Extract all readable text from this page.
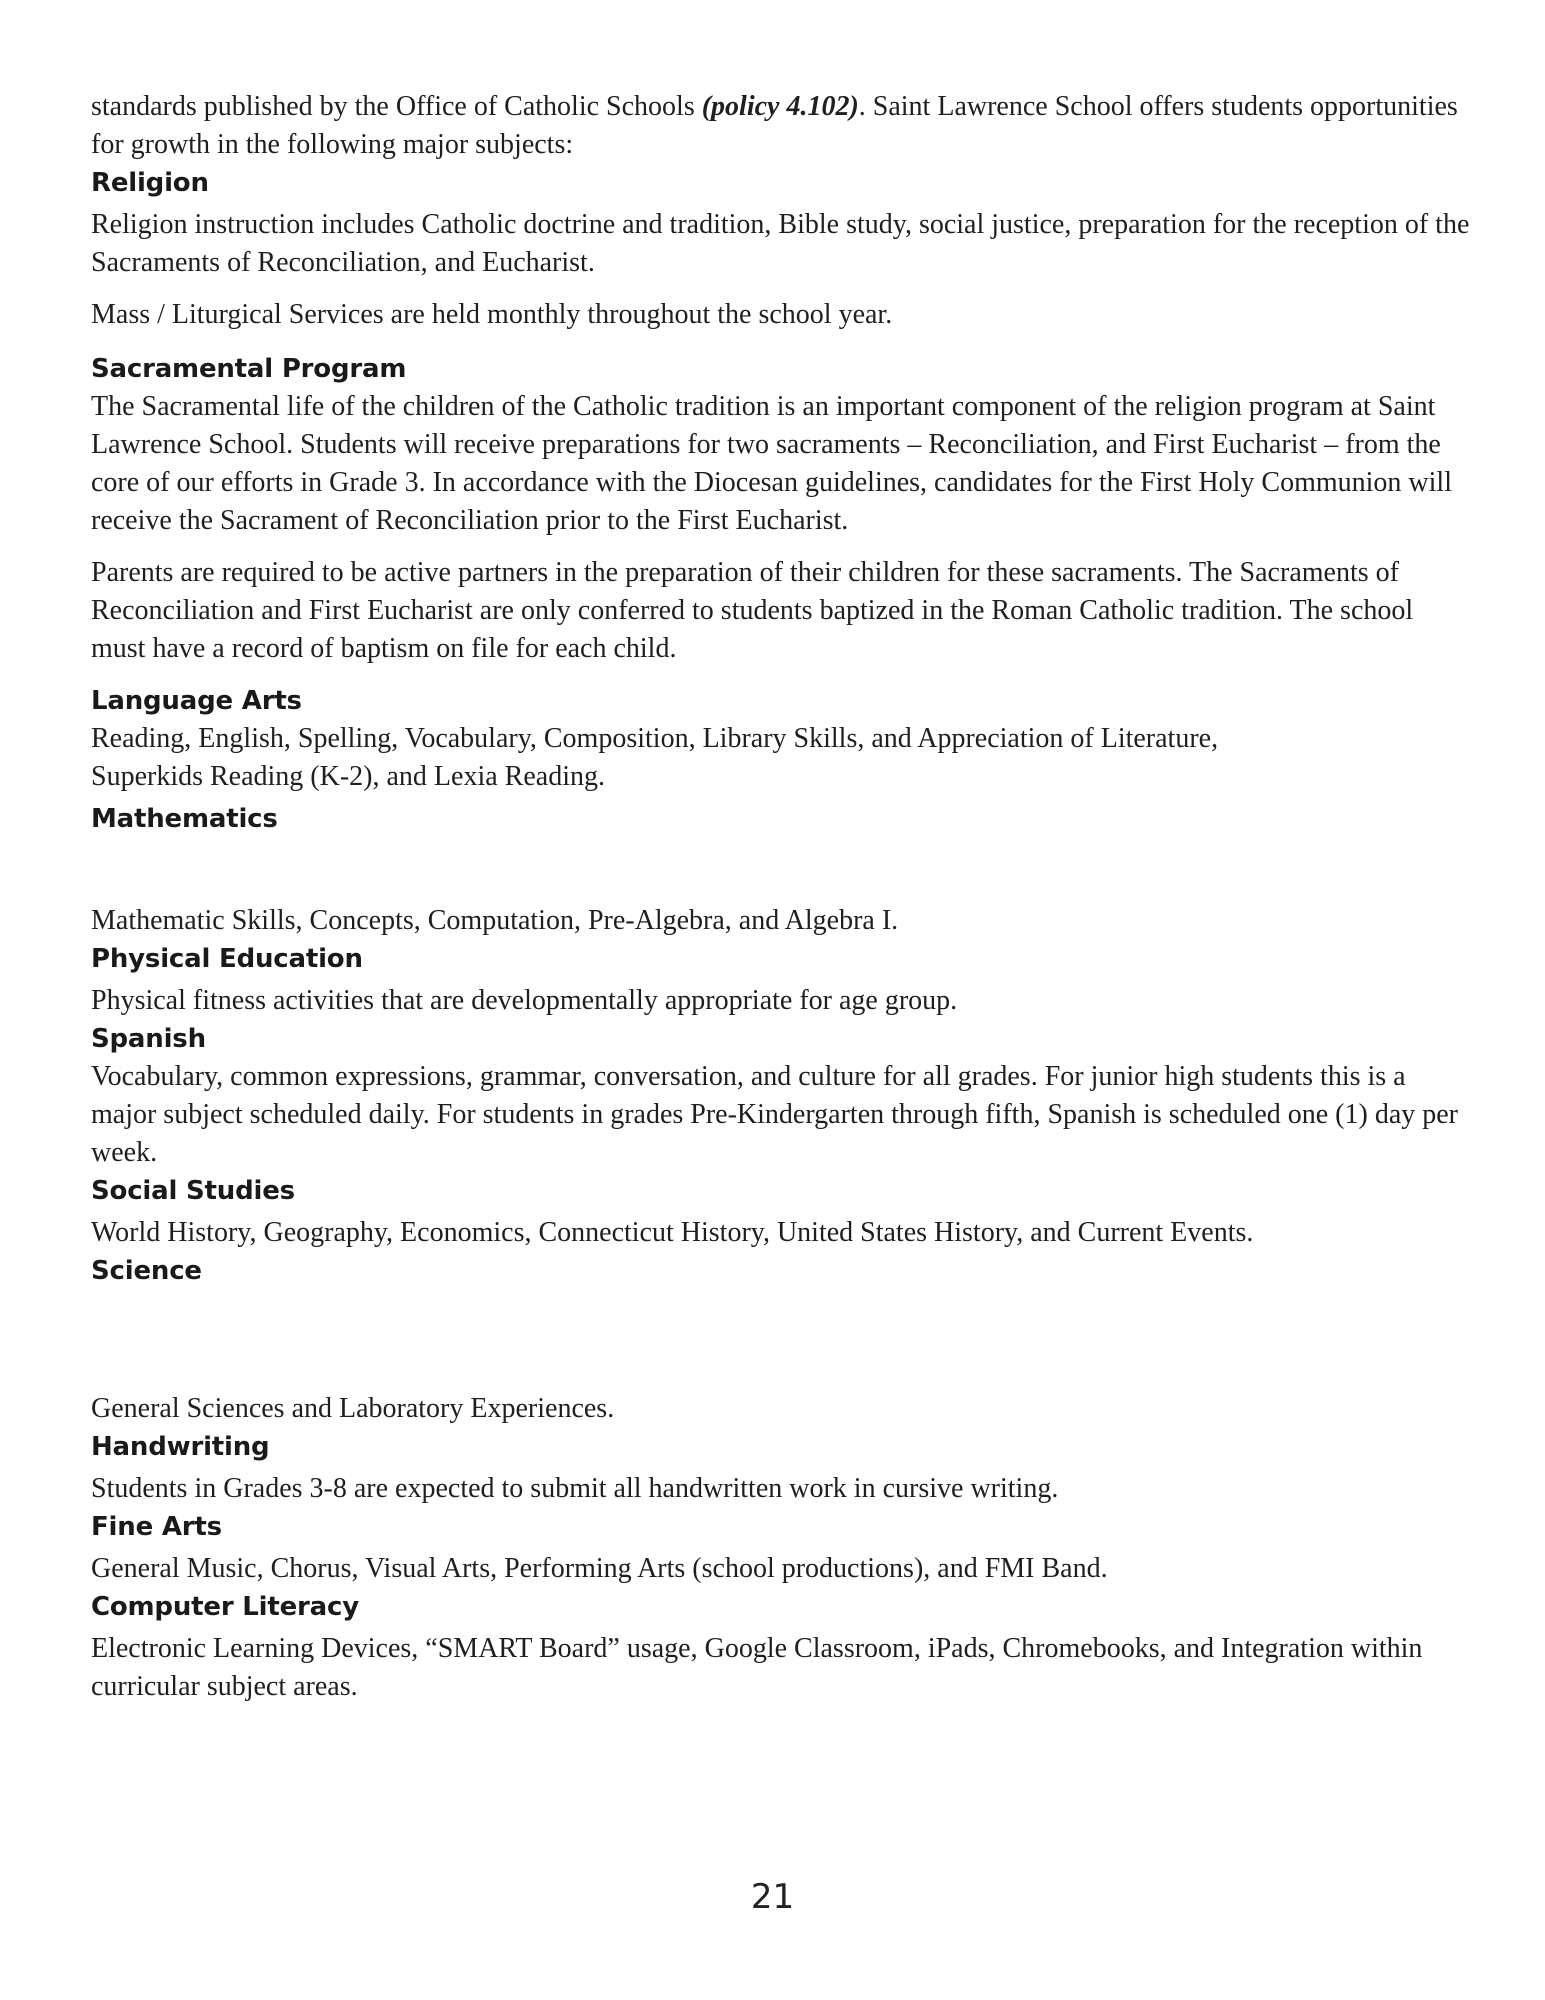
standards published by the Office of Catholic Schools (policy 4.102). Saint Lawrence School offers students opportunities for growth in the following major subjects:

Religion

Religion instruction includes Catholic doctrine and tradition, Bible study, social justice, preparation for the reception of the Sacraments of Reconciliation, and Eucharist.

Mass / Liturgical Services are held monthly throughout the school year.

Sacramental Program

The Sacramental life of the children of the Catholic tradition is an important component of the religion program at Saint Lawrence School. Students will receive preparations for two sacraments – Reconciliation, and First Eucharist – from the core of our efforts in Grade 3. In accordance with the Diocesan guidelines, candidates for the First Holy Communion will receive the Sacrament of Reconciliation prior to the First Eucharist.

Parents are required to be active partners in the preparation of their children for these sacraments. The Sacraments of Reconciliation and First Eucharist are only conferred to students baptized in the Roman Catholic tradition. The school must have a record of baptism on file for each child.

Language Arts

Reading, English, Spelling, Vocabulary, Composition, Library Skills, and Appreciation of Literature, Superkids Reading (K-2), and Lexia Reading.

Mathematics

Mathematic Skills, Concepts, Computation, Pre-Algebra, and Algebra I.

Physical Education

Physical fitness activities that are developmentally appropriate for age group.

Spanish

Vocabulary, common expressions, grammar, conversation, and culture for all grades. For junior high students this is a major subject scheduled daily. For students in grades Pre-Kindergarten through fifth, Spanish is scheduled one (1) day per week.

Social Studies

World History, Geography, Economics, Connecticut History, United States History, and Current Events.

Science

General Sciences and Laboratory Experiences.

Handwriting

Students in Grades 3-8 are expected to submit all handwritten work in cursive writing.

Fine Arts

General Music, Chorus, Visual Arts, Performing Arts (school productions), and FMI Band.

Computer Literacy

Electronic Learning Devices, “SMART Board” usage, Google Classroom, iPads, Chromebooks, and Integration within curricular subject areas.

21
